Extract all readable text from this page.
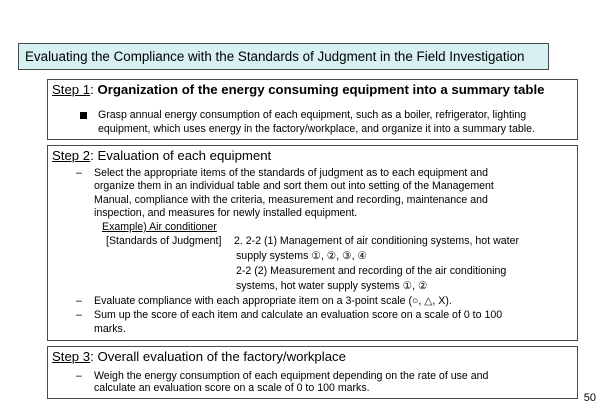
Evaluating the Compliance with the Standards of Judgment in the Field Investigation
Step 1: Organization of the energy consuming equipment into a summary table
Grasp annual energy consumption of each equipment, such as a boiler, refrigerator, lighting
equipment, which uses energy in the factory/workplace, and organize it into a summary table.
Step 2: Evaluation of each equipment
– Select the appropriate items of the standards of judgment as to each equipment and
organize them in an individual table and sort them out into setting of the Management
Manual, compliance with the criteria, measurement and recording, maintenance and
inspection, and measures for newly installed equipment.
Example) Air conditioner
[Standards of Judgment] 2. 2-2 (1) Management of air conditioning systems, hot water
supply systems ①, ②, ③, ④
2-2 (2) Measurement and recording of the air conditioning
systems, hot water supply systems ①, ②
– Evaluate compliance with each appropriate item on a 3-point scale (○, △, X).
– Sum up the score of each item and calculate an evaluation score on a scale of 0 to 100
marks.
Step 3: Overall evaluation of the factory/workplace
– Weigh the energy consumption of each equipment depending on the rate of use and
calculate an evaluation score on a scale of 0 to 100 marks.
50
